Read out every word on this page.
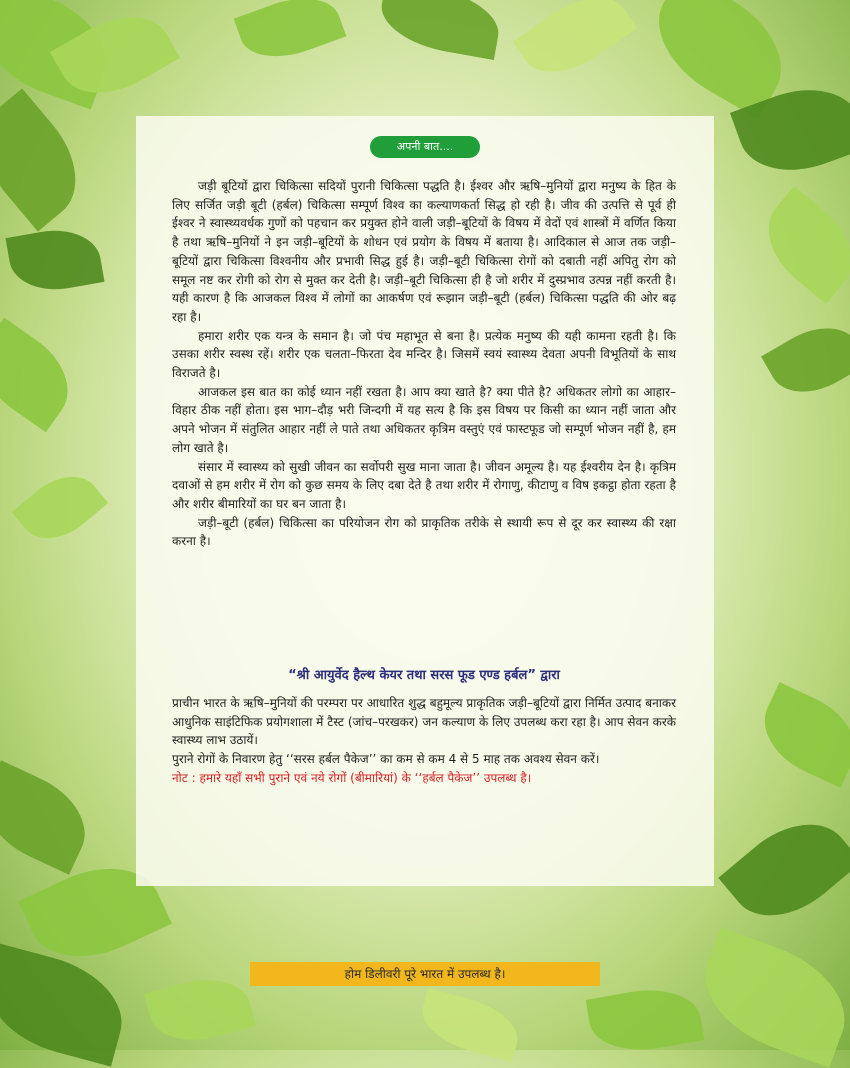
अपनी बात....

जड़ी बूटियों द्वारा चिकित्सा सदियों पुरानी चिकित्सा पद्धति है। ईश्वर और ऋषि–मुनियों द्वारा मनुष्य के हित के लिए सर्जित जड़ी बूटी (हर्बल) चिकित्सा सम्पूर्ण विश्व का कल्याणकर्ता सिद्ध हो रही है। जीव की उत्पत्ति से पूर्व ही ईश्वर ने स्वास्थ्यवर्धक गुणों को पहचान कर प्रयुक्त होने वाली जड़ी–बूटियों के विषय में वेदों एवं शास्त्रों में वर्णित किया है तथा ऋषि–मुनियों ने इन जड़ी–बूटियों के शोधन एवं प्रयोग के विषय में बताया है। आदिकाल से आज तक जड़ी–बूटियों द्वारा चिकित्सा विश्वनीय और प्रभावी सिद्ध हुई है। जड़ी–बूटी चिकित्सा रोगों को दबाती नहीं अपितु रोग को समूल नष्ट कर रोगी को रोग से मुक्त कर देती है। जड़ी–बूटी चिकित्सा ही है जो शरीर में दुस्प्रभाव उत्पन्न नहीं करती है। यही कारण है कि आजकल विश्व में लोगों का आकर्षण एवं रूझान जड़ी–बूटी (हर्बल) चिकित्सा पद्धति की ओर बढ़ रहा है।

हमारा शरीर एक यन्त्र के समान है। जो पंच महाभूत से बना है। प्रत्येक मनुष्य की यही कामना रहती है। कि उसका शरीर स्वस्थ रहें। शरीर एक चलता–फिरता देव मन्दिर है। जिसमें स्वयं स्वास्थ्य देवता अपनी विभूतियों के साथ विराजते है।

आजकल इस बात का कोई ध्यान नहीं रखता है। आप क्या खाते है? क्या पीते है? अधिकतर लोगो का आहार–विहार ठीक नहीं होता। इस भाग–दौड़ भरी जिन्दगी में यह सत्य है कि इस विषय पर किसी का ध्यान नहीं जाता और अपने भोजन में संतुलित आहार नहीं ले पाते तथा अधिकतर कृत्रिम वस्तुएं एवं फास्टफूड जो सम्पूर्ण भोजन नहीं है, हम लोग खाते है।

संसार में स्वास्थ्य को सुखी जीवन का सर्वोपरी सुख माना जाता है। जीवन अमूल्य है। यह ईश्वरीय देन है। कृत्रिम दवाओं से हम शरीर में रोग को कुछ समय के लिए दबा देते है तथा शरीर में रोगाणु, कीटाणु व विष इकट्ठा होता रहता है और शरीर बीमारियों का घर बन जाता है।

जड़ी–बूटी (हर्बल) चिकित्सा का परियोजन रोग को प्राकृतिक तरीके से स्थायी रूप से दूर कर स्वास्थ्य की रक्षा करना है।

“श्री आयुर्वेद हैल्थ केयर तथा सरस फूड एण्ड हर्बल” द्वारा

प्राचीन भारत के ऋषि–मुनियों की परम्परा पर आधारित शुद्ध बहुमूल्य प्राकृतिक जड़ी–बूटियों द्वारा निर्मित उत्पाद बनाकर आधुनिक साइंटिफिक प्रयोगशाला में टैस्ट (जांच–परखकर) जन कल्याण के लिए उपलब्ध करा रहा है। आप सेवन करके स्वास्थ्य लाभ उठायें।

पुराने रोगों के निवारण हेतु ‘‘सरस हर्बल पैकेज’’ का कम से कम 4 से 5 माह तक अवश्य सेवन करें।

नोट : हमारे यहाँ सभी पुराने एवं नये रोगों (बीमारियां) के ‘‘हर्बल पैकेज’’ उपलब्ध है।

होम डिलीवरी पूरे भारत में उपलब्ध है।
